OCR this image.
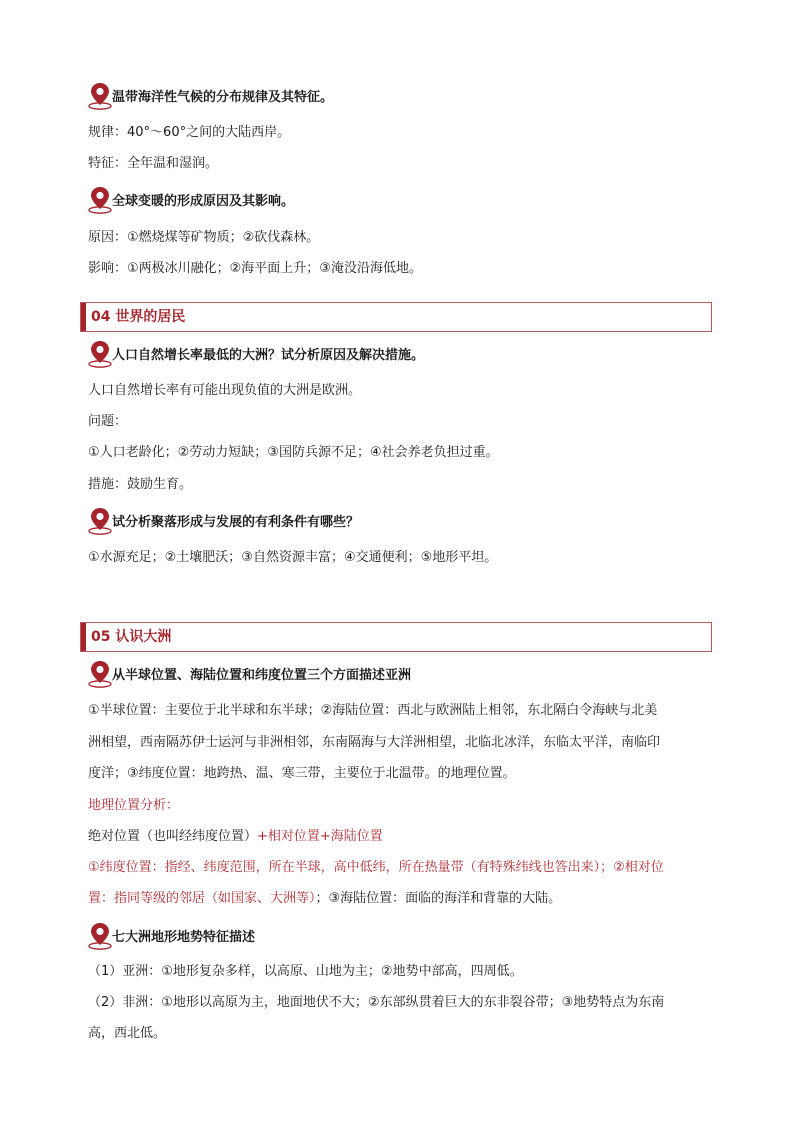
温带海洋性气候的分布规律及其特征。
规律：40°～60°之间的大陆西岸。
特征：全年温和湿润。
全球变暖的形成原因及其影响。
原因：①燃烧煤等矿物质；②砍伐森林。
影响：①两极冰川融化；②海平面上升；③淹没沿海低地。
04 世界的居民
人口自然增长率最低的大洲？试分析原因及解决措施。
人口自然增长率有可能出现负值的大洲是欧洲。
问题：
①人口老龄化；②劳动力短缺；③国防兵源不足；④社会养老负担过重。
措施：鼓励生育。
试分析聚落形成与发展的有利条件有哪些？
①水源充足；②土壤肥沃；③自然资源丰富；④交通便利；⑤地形平坦。
05 认识大洲
从半球位置、海陆位置和纬度位置三个方面描述亚洲
①半球位置：主要位于北半球和东半球；②海陆位置：西北与欧洲陆上相邻，东北隔白令海峡与北美
洲相望，西南隔苏伊士运河与非洲相邻，东南隔海与大洋洲相望，北临北冰洋，东临太平洋，南临印
度洋；③纬度位置：地跨热、温、寒三带，主要位于北温带。的地理位置。
地理位置分析：
绝对位置（也叫经纬度位置）+相对位置+海陆位置
①纬度位置：指经、纬度范围，所在半球，高中低纬，所在热量带（有特殊纬线也答出来）；②相对位
置：指同等级的邻居（如国家、大洲等）；③海陆位置：面临的海洋和背靠的大陆。
七大洲地形地势特征描述
（1）亚洲：①地形复杂多样，以高原、山地为主；②地势中部高，四周低。
（2）非洲：①地形以高原为主，地面地伏不大；②东部纵贯着巨大的东非裂谷带；③地势特点为东南
高，西北低。
